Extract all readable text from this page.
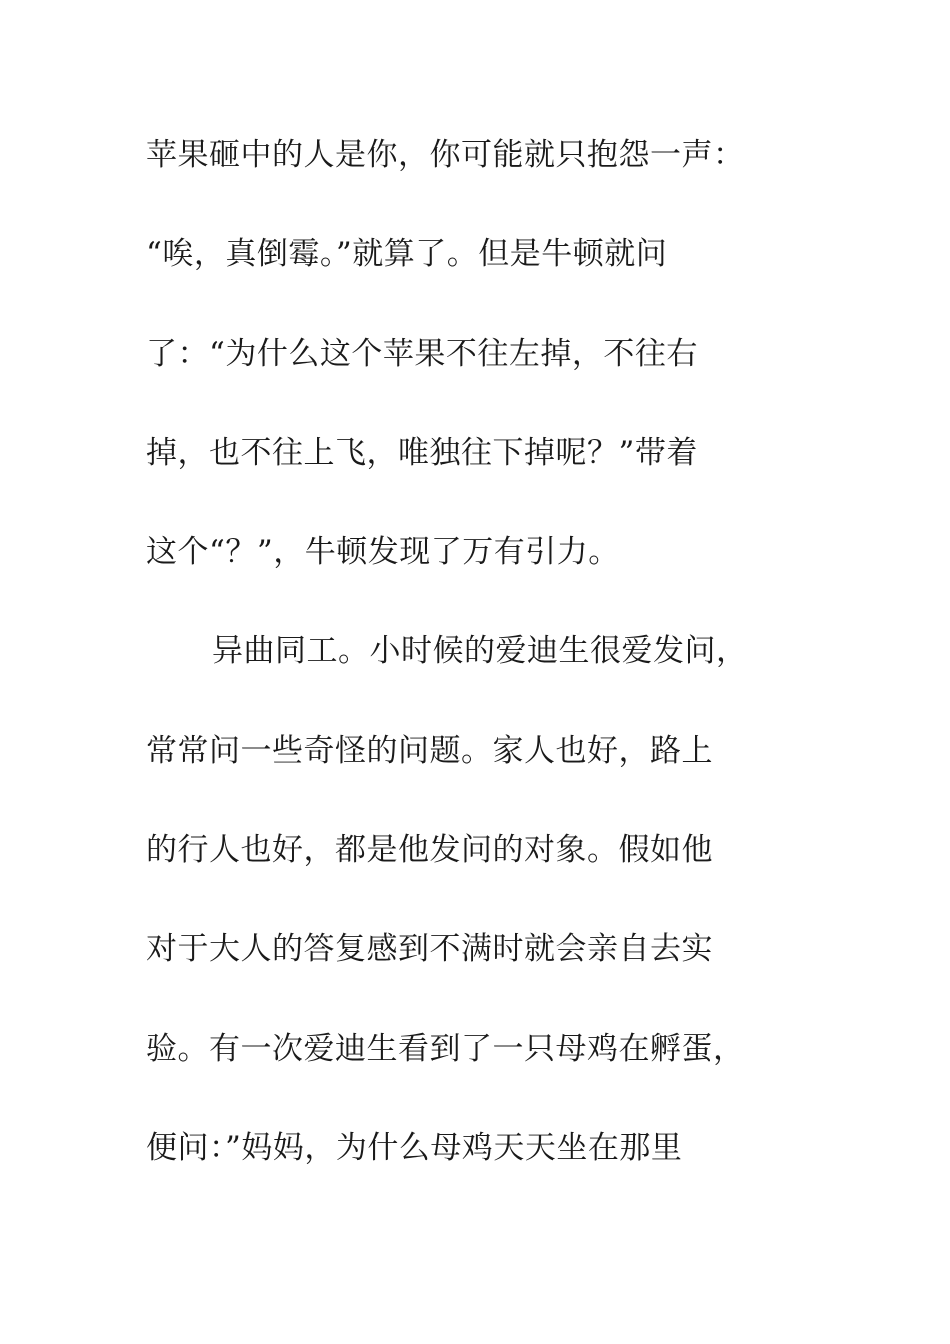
苹果砸中的人是你，你可能就只抱怨一声：
“唉，真倒霉。”就算了。但是牛顿就问
了：“为什么这个苹果不往左掉，不往右
掉，也不往上飞，唯独往下掉呢？”带着
这个“？”，牛顿发现了万有引力。
异曲同工。小时候的爱迪生很爱发问，
常常问一些奇怪的问题。家人也好，路上
的行人也好，都是他发问的对象。假如他
对于大人的答复感到不满时就会亲自去实
验。有一次爱迪生看到了一只母鸡在孵蛋，
便问：”妈妈，为什么母鸡天天坐在那里
